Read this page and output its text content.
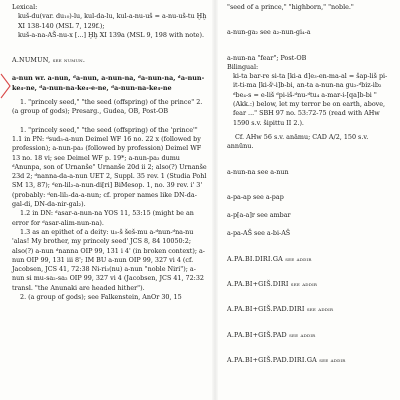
Lexical:

kuš-du(var. du₁₀)-lu, kul-da-lu, kul-a-nu-uš = a-nu-uš-tu Ḫḫ XI 138-140 (MSL 7, 129f.);

kuš-a-na-AŠ-nu-x [...] Ḫḫ XI 139a (MSL 9, 198 with note).

A.NUMUN, see numun.

a-nun wr. a-nun, ᵈa-nun, a-nun-na, ᵈa-nun-na, ᵈa-nun-ke₄-ne, ᵈa-nun-na-ke₄-e-ne, ᵈa-nun-na-ke₄-ne

1. "princely seed," "the seed (offspring) of the prince" 2. (a group of gods); Presarg., Gudea, OB, Post-OB

1. "princely seed," "the seed (offspring) of the 'prince'" 1.1 in PN: ᵈsud₃-a-nun Deimel WF 16 no. 22 x (followed by profession); a-nun-pa₃ (followed by profession) Deimel WF 13 no. 18 vi; see Deimel WF p. 19*; a-nun-pa₃ dumu ᵈAnunpa, son of Urnanše" Urnanše 20d ii 2; also(?) Urnanše 23d 2; ᵈnanna-da-a-nun UET 2, Suppl. 35 rev. 1 (Studia Pohl SM 13, 87); ᵈen-lil₂-a-nun-di[ri] BiMesop. 1, no. 39 rev. i' 3' (probably: ᵈen-lil₂-da-a-nun; cf. proper names like DN-da-gal-di, DN-da-nir-gal₂).

1.2 in DN: ᵈasar-a-nun-na YOS 11, 53:15 (might be an error for ᵈasar-alim-nun-na).

1.3 as an epithet of a deity: u₅-š šeš-mu a-ᵈnun-ᵈna-nu 'alas! My brother, my princely seed' JCS 8, 84 10050:2; also(?) a-nun ᵈnanna OIP 99, 131 i 4' (in broken context); a-nun OIP 99, 131 iii 8'; IM BU a-nun OIP 99, 327 vi 4 (cf. Jacobsen, JCS 41, 72:38 Ni-ri₃(nu) a-nun "noble Niri"); a-nun si mu-sa₂-sa₂ OIP 99, 327 vi 4 (Jacobsen, JCS 41, 72:32 transl. "the Anunaki are headed hither").

2. (a group of gods); see Falkenstein, AnOr 30, 15

"seed of a prince," "highborn," "noble."

a-nun-ga₂ see a₂-nun-gi₄-a

a-nun-na "fear"; Post-OB

Bilingual:

ki-ta bar-re si-ta [ki-a d]e₃-en-ma-al = šap-liš pi-it-ti-ma [ki-šⁱ-i]b-bi, an-ta a-nun-na gu₂-ᵈbiz-ib₂ ᵈbe₄-s = e-liš ᵈpi-iš-ᵈnu-ᵈtu₄ a-mar-i-[qa]b-bi "(Akk.:) below, let my terror be on earth, above, fear ..." SBH 97 no. 53:72-75 (read with AHw 1590 s.v. šipittu II 2.).

Cf. AHw 56 s.v. anāmu; CAD A/2, 150 s.v. annūnu.

a-nun-na see a-nun

a-pa-ap see a-pap

a-p[a-a]r see ambar

a-pa-AŠ see a-bi-AŠ

A.PA.BI.DIRI.GA see addir

A.PA.BI+GIŠ.DIRI see addir

A.PA.BI+GIŠ.PAD.DIRI see addir

A.PA.BI+GIŠ.PAD see addir

A.PA.BI+GIŠ.PAD.DIRI.GA see addir
